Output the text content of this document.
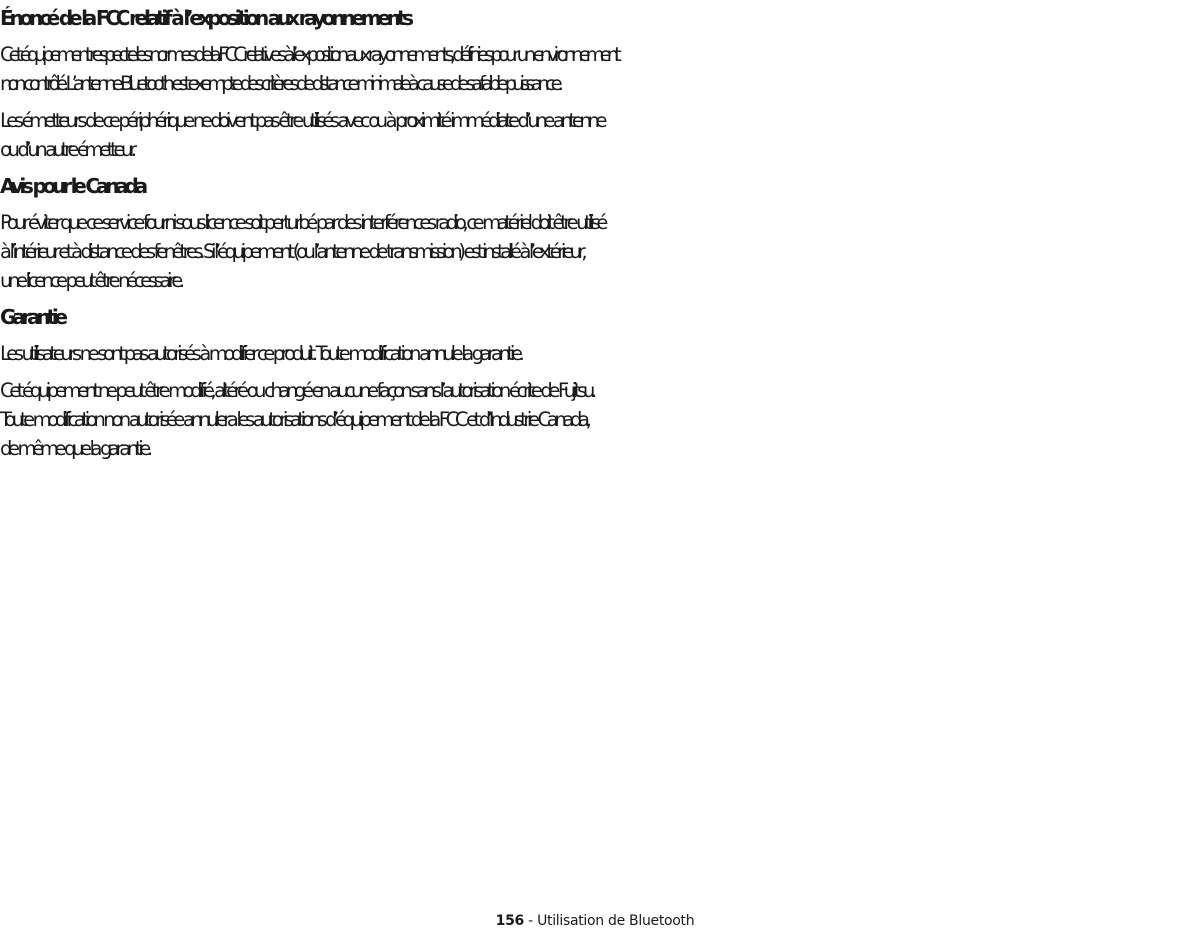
Énoncé de la FCC relatif à l’exposition aux rayonnements

Cet équipement respecte les normes de la FCC relatives à l’exposition aux rayonnements, définies pour un environnement
non contrôlé. L’antenne Bluetooth est exempte des critères de distance minimale à cause de sa faible puissance.

Les émetteurs de ce périphérique ne doivent pas être utilisés avec ou à proximité immédiate d’une antenne
ou d’un autre émetteur.

Avis pour le Canada

Pour éviter que ce service fourni sous licence soit perturbé par des interférences radio, ce matériel doit être utilisé
à l’intérieur et à distance des fenêtres. Si l’équipement (ou l’antenne de transmission) est installé à l’extérieur,
une licence peut être nécessaire.

Garantie

Les utilisateurs ne sont pas autorisés à modifier ce produit. Toute modification annule la garantie.

Cet équipement ne peut être modifié, altéré ou changé en aucune façon sans l’autorisation écrite de Fujitsu.
Toute modification non autorisée annulera les autorisations d’équipement de la FCC et d’Industrie Canada,
de même que la garantie.

156 - Utilisation de Bluetooth
